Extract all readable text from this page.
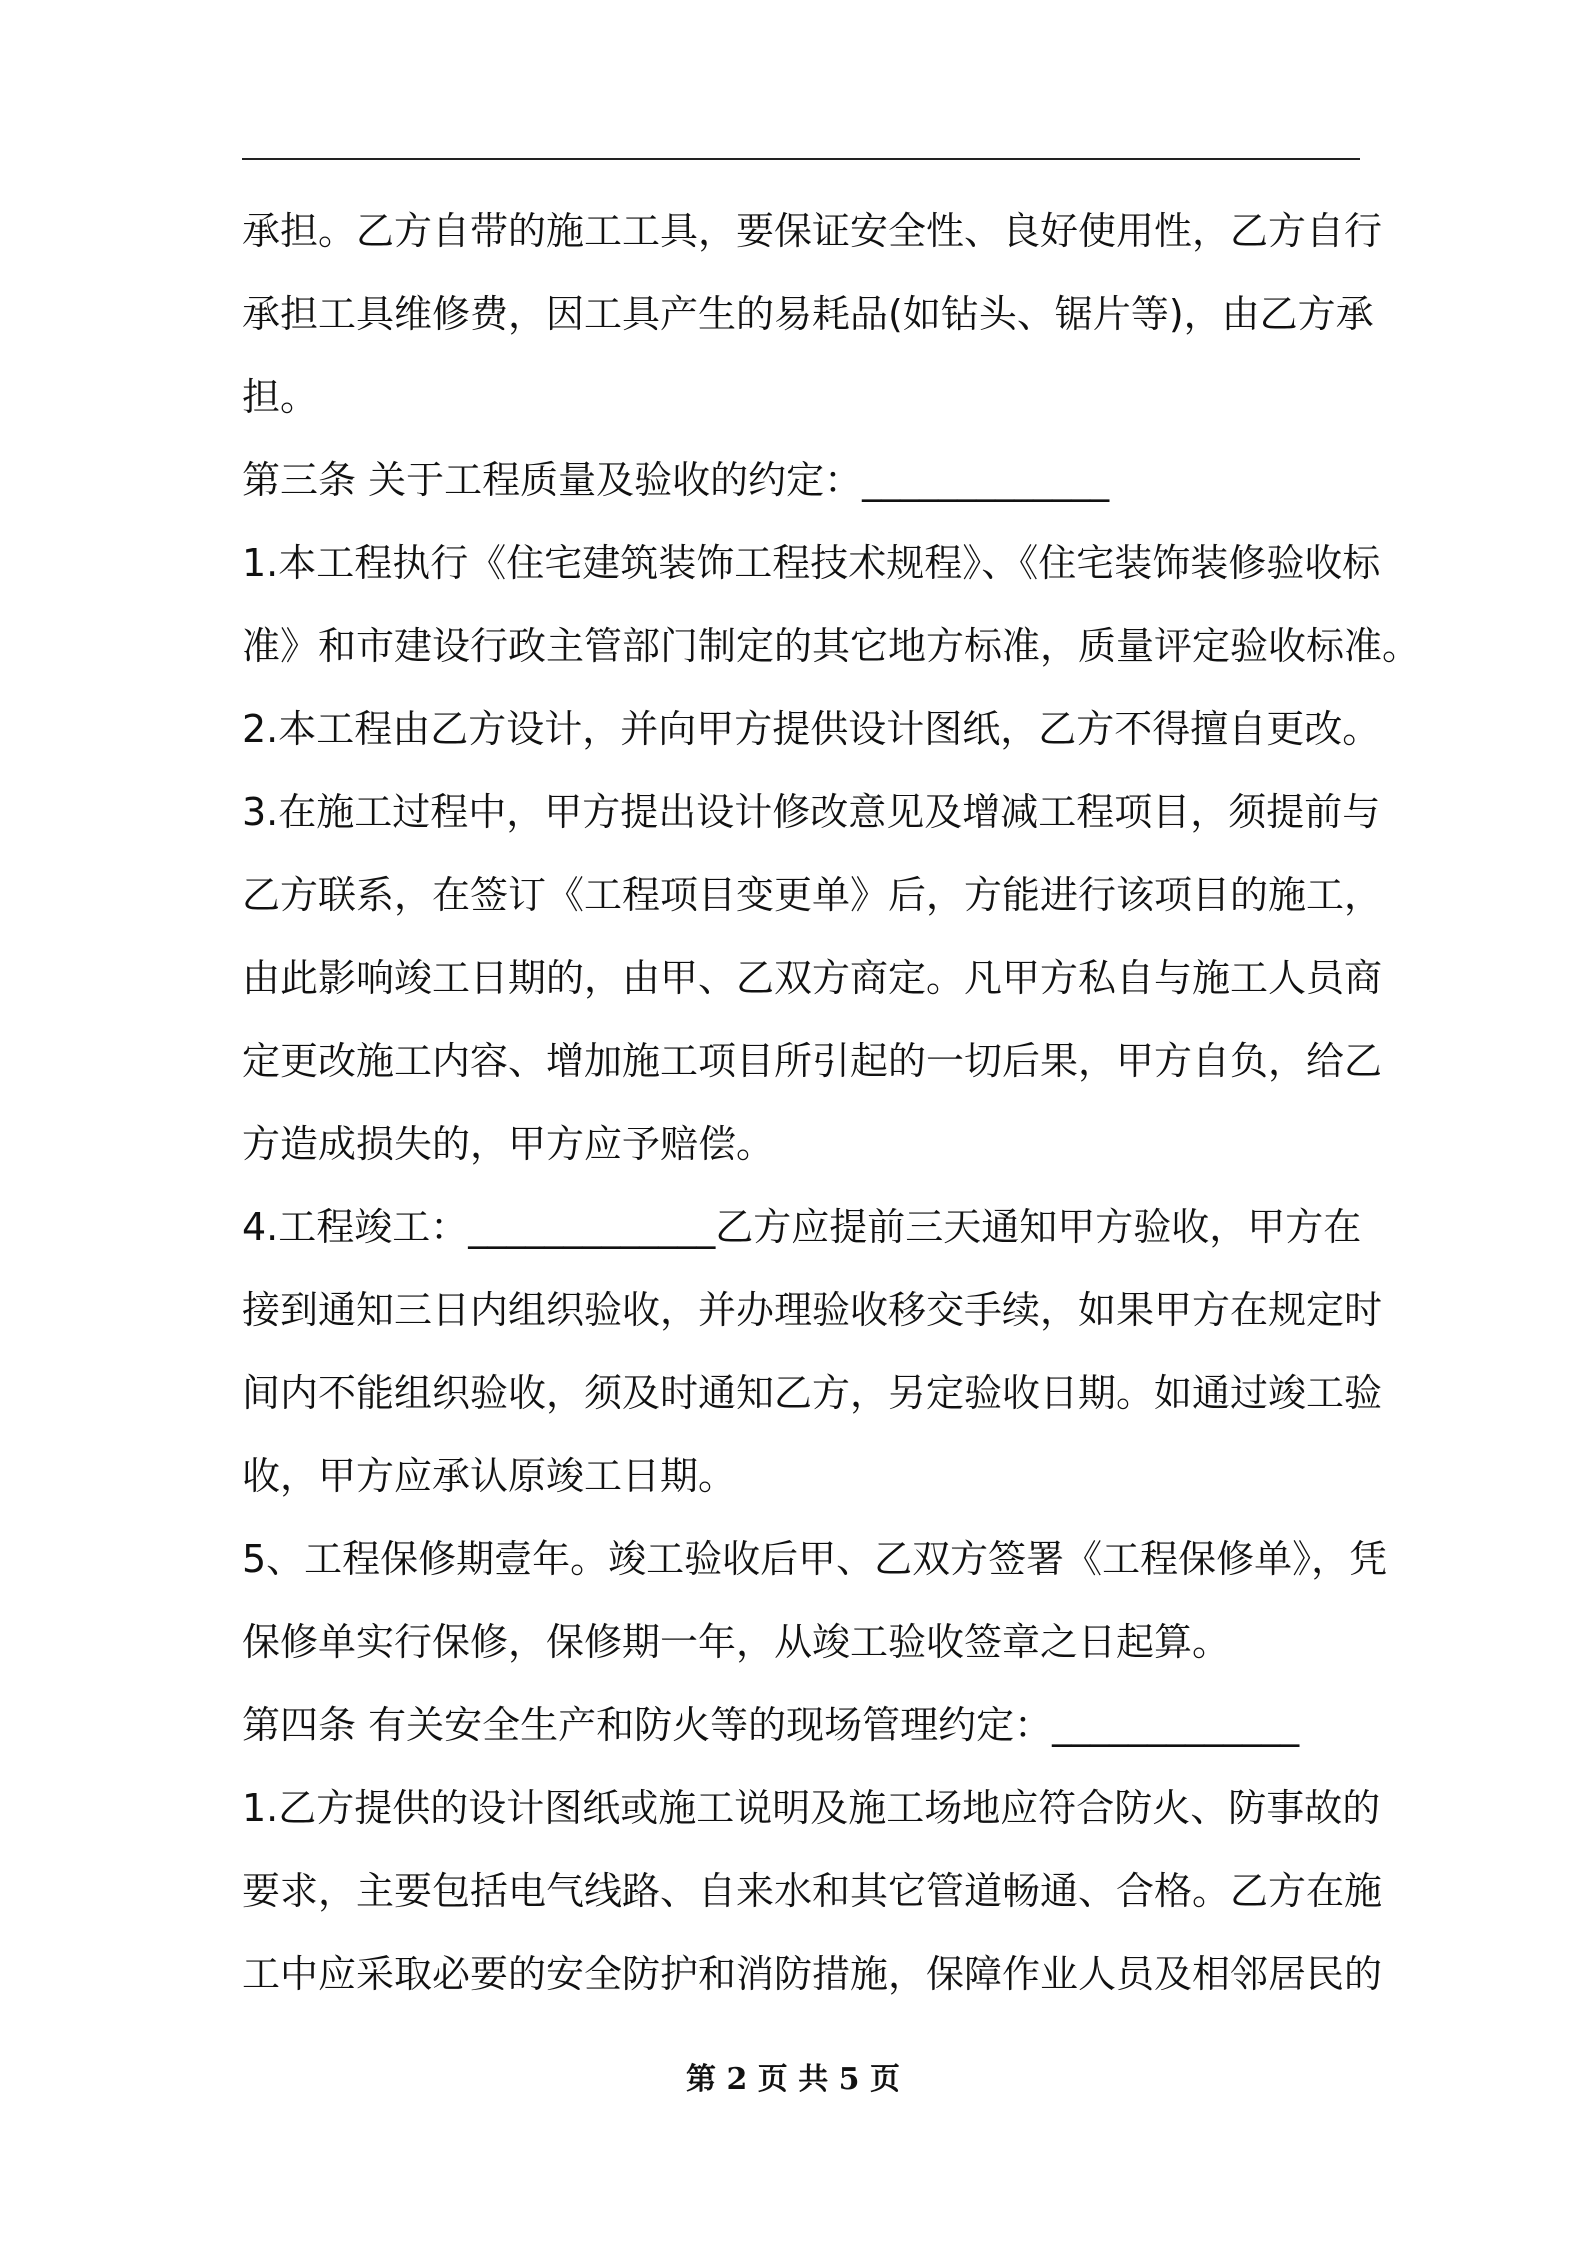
承担。乙方自带的施工工具，要保证安全性、良好使用性，乙方自行
承担工具维修费，因工具产生的易耗品(如钻头、锯片等)，由乙方承
担。
第三条 关于工程质量及验收的约定：_____________
1.本工程执行《住宅建筑装饰工程技术规程》、《住宅装饰装修验收标
准》和市建设行政主管部门制定的其它地方标准，质量评定验收标准。
2.本工程由乙方设计，并向甲方提供设计图纸，乙方不得擅自更改。
3.在施工过程中，甲方提出设计修改意见及增减工程项目，须提前与
乙方联系，在签订《工程项目变更单》后，方能进行该项目的施工，
由此影响竣工日期的，由甲、乙双方商定。凡甲方私自与施工人员商
定更改施工内容、增加施工项目所引起的一切后果，甲方自负，给乙
方造成损失的，甲方应予赔偿。
4.工程竣工：_____________乙方应提前三天通知甲方验收，甲方在
接到通知三日内组织验收，并办理验收移交手续，如果甲方在规定时
间内不能组织验收，须及时通知乙方，另定验收日期。如通过竣工验
收，甲方应承认原竣工日期。
5、工程保修期壹年。竣工验收后甲、乙双方签署《工程保修单》，凭
保修单实行保修，保修期一年，从竣工验收签章之日起算。
第四条 有关安全生产和防火等的现场管理约定：_____________
1.乙方提供的设计图纸或施工说明及施工场地应符合防火、防事故的
要求，主要包括电气线路、自来水和其它管道畅通、合格。乙方在施
工中应采取必要的安全防护和消防措施，保障作业人员及相邻居民的
第 2 页 共 5 页
